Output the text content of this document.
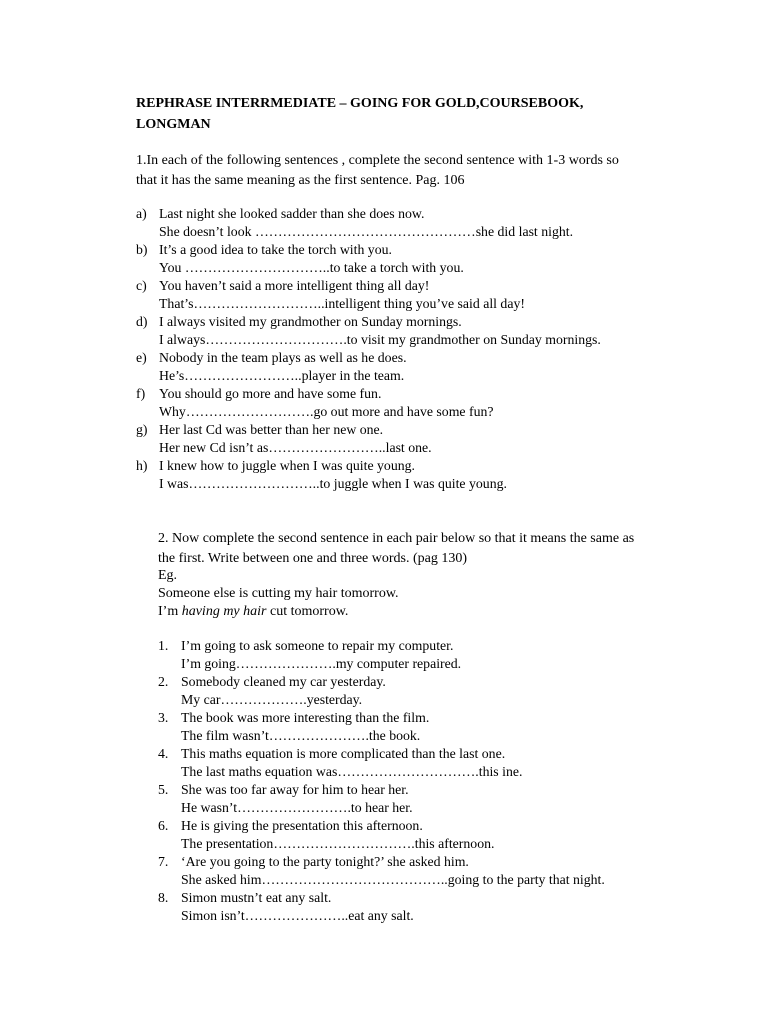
REPHRASE INTERRMEDIATE – GOING FOR GOLD,COURSEBOOK,
LONGMAN

1.In each of the following sentences , complete the second sentence with 1-3 words so
that it has the same meaning as the first sentence. Pag. 106

a) Last night she looked sadder than she does now.
She doesn’t look …………………………………………she did last night.
b) It’s a good idea to take the torch with you.
You …………………………..to take a torch with you.
c) You haven’t said a more intelligent thing all day!
That’s………………………..intelligent thing you’ve said all day!
d) I always visited my grandmother on Sunday mornings.
I always………………………….to visit my grandmother on Sunday mornings.
e) Nobody in the team plays as well as he does.
He’s……………………..player in the team.
f) You should go more and have some fun.
Why……………………….go out more and have some fun?
g) Her last Cd was better than her new one.
Her new Cd isn’t as……………………..last one.
h) I knew how to juggle when I was quite young.
I was………………………..to juggle when I was quite young.

2. Now complete the second sentence in each pair below so that it means the same as
the first. Write between one and three words. (pag 130)

Eg.
Someone else is cutting my hair tomorrow.
I’m having my hair cut tomorrow.
1. I’m going to ask someone to repair my computer.
I’m going………………….my computer repaired.
2. Somebody cleaned my car yesterday.
My car……………….yesterday.
3. The book was more interesting than the film.
The film wasn’t………………….the book.
4. This maths equation is more complicated than the last one.
The last maths equation was………………………….this ine.
5. She was too far away for him to hear her.
He wasn’t…………………….to hear her.
6. He is giving the presentation this afternoon.
The presentation………………………….this afternoon.
7. ‘Are you going to the party tonight?’ she asked him.
She asked him…………………………………..going to the party that night.
8. Simon mustn’t eat any salt.
Simon isn’t…………………..eat any salt.
